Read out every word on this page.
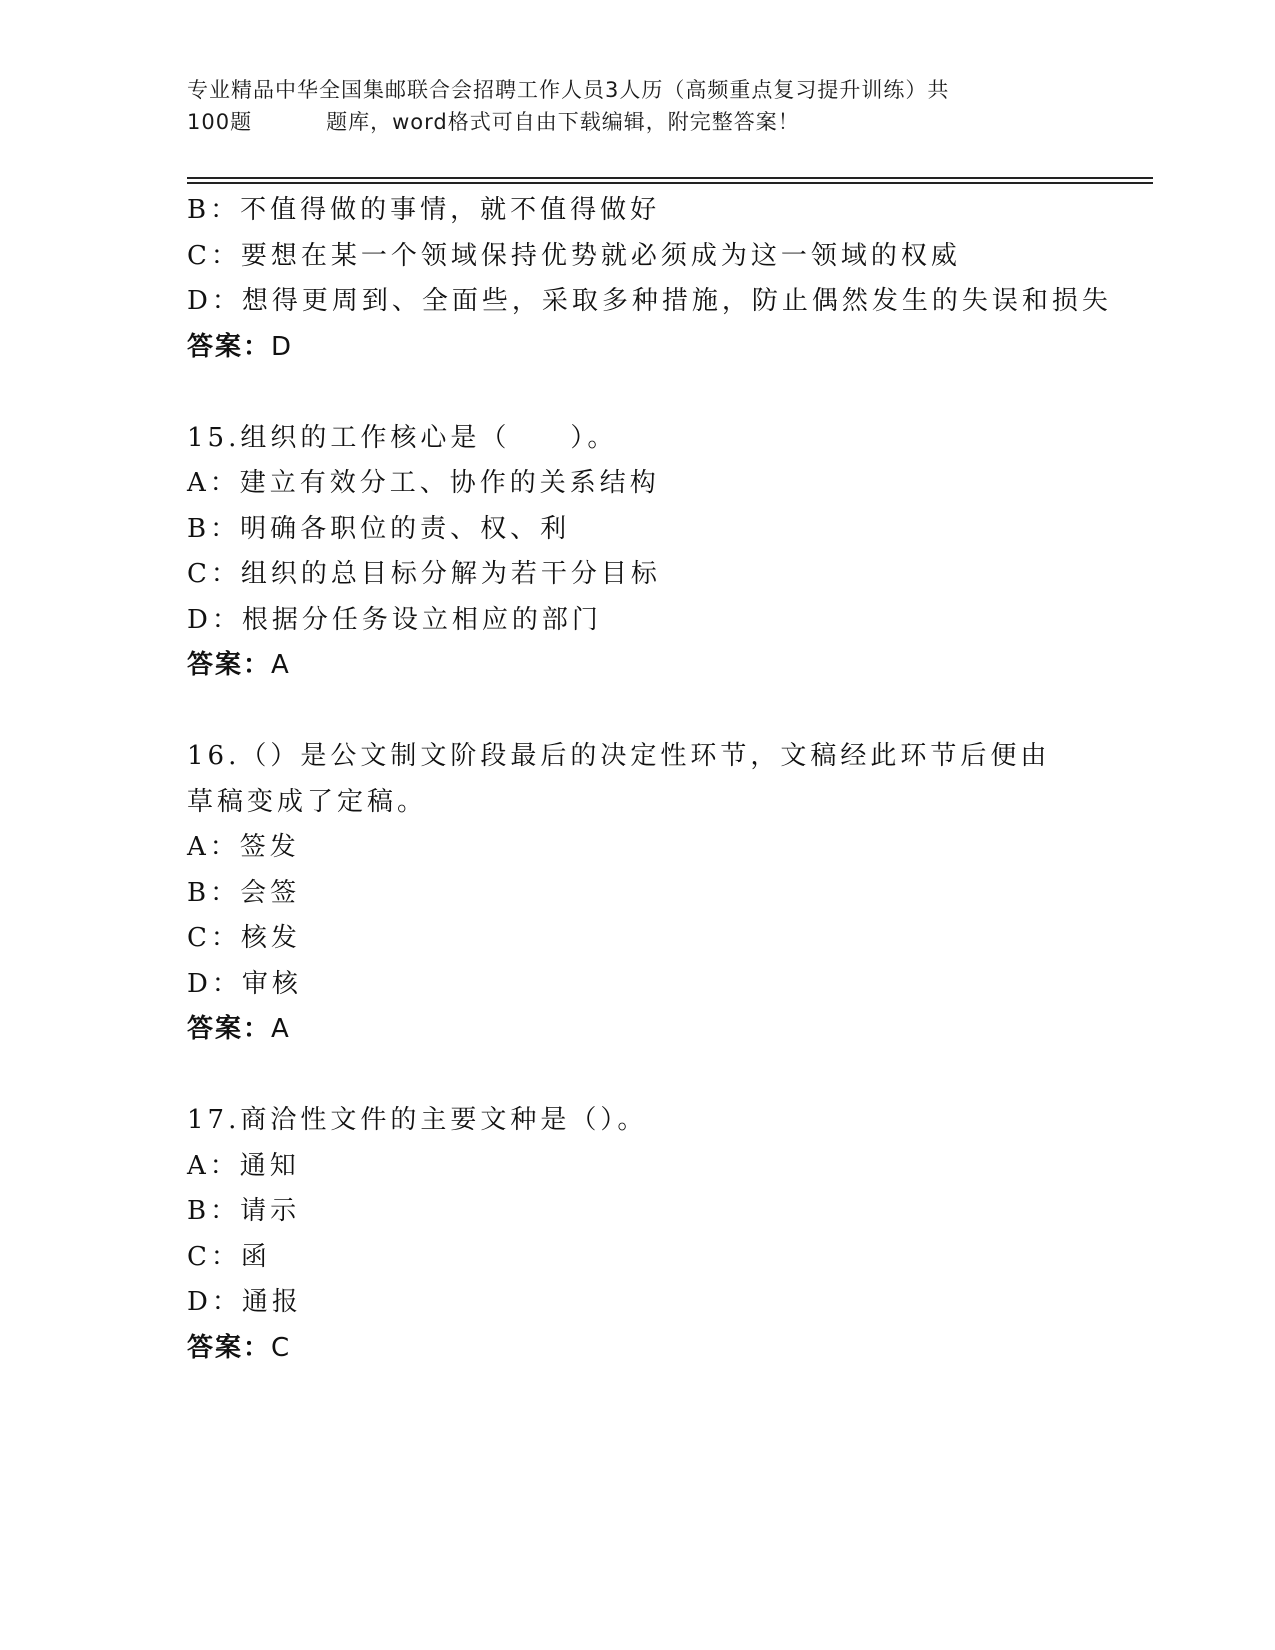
专业精品中华全国集邮联合会招聘工作人员3人历（高频重点复习提升训练）共
100题	题库，word格式可自由下载编辑，附完整答案！
B：不值得做的事情，就不值得做好
C：要想在某一个领域保持优势就必须成为这一领域的权威
D：想得更周到、全面些，采取多种措施，防止偶然发生的失误和损失
答案：D
15.组织的工作核心是（　　）。
A：建立有效分工、协作的关系结构
B：明确各职位的责、权、利
C：组织的总目标分解为若干分目标
D：根据分任务设立相应的部门
答案：A
16.（）是公文制文阶段最后的决定性环节，文稿经此环节后便由草稿变成了定稿。
A：签发
B：会签
C：核发
D：审核
答案：A
17.商洽性文件的主要文种是（）。
A：通知
B：请示
C：函
D：通报
答案：C
